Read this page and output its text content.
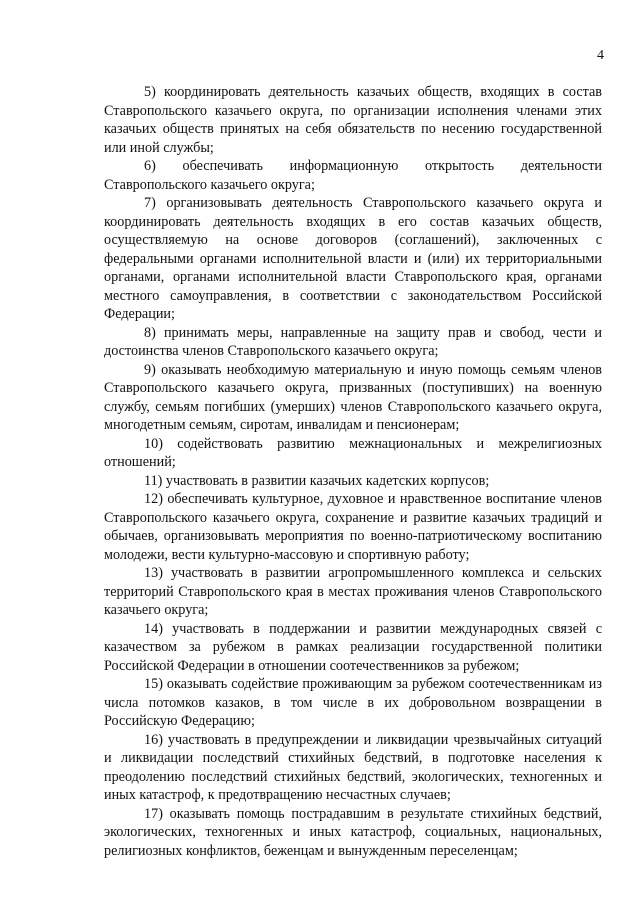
4

5) координировать деятельность казачьих обществ, входящих в состав Ставропольского казачьего округа, по организации исполнения членами этих казачьих обществ принятых на себя обязательств по несению государственной или иной службы;

6) обеспечивать информационную открытость деятельности Ставропольского казачьего округа;

7) организовывать деятельность Ставропольского казачьего округа и координировать деятельность входящих в его состав казачьих обществ, осуществляемую на основе договоров (соглашений), заключенных с федеральными органами исполнительной власти и (или) их территориальными органами, органами исполнительной власти Ставропольского края, органами местного самоуправления, в соответствии с законодательством Российской Федерации;

8) принимать меры, направленные на защиту прав и свобод, чести и достоинства членов Ставропольского казачьего округа;

9) оказывать необходимую материальную и иную помощь семьям членов Ставропольского казачьего округа, призванных (поступивших) на военную службу, семьям погибших (умерших) членов Ставропольского казачьего округа, многодетным семьям, сиротам, инвалидам и пенсионерам;

10) содействовать развитию межнациональных и межрелигиозных отношений;

11) участвовать в развитии казачьих кадетских корпусов;

12) обеспечивать культурное, духовное и нравственное воспитание членов Ставропольского казачьего округа, сохранение и развитие казачьих традиций и обычаев, организовывать мероприятия по военно-патриотическому воспитанию молодежи, вести культурно-массовую и спортивную работу;

13) участвовать в развитии агропромышленного комплекса и сельских территорий Ставропольского края в местах проживания членов Ставропольского казачьего округа;

14) участвовать в поддержании и развитии международных связей с казачеством за рубежом в рамках реализации государственной политики Российской Федерации в отношении соотечественников за рубежом;

15) оказывать содействие проживающим за рубежом соотечественникам из числа потомков казаков, в том числе в их добровольном возвращении в Российскую Федерацию;

16) участвовать в предупреждении и ликвидации чрезвычайных ситуаций и ликвидации последствий стихийных бедствий, в подготовке населения к преодолению последствий стихийных бедствий, экологических, техногенных и иных катастроф, к предотвращению несчастных случаев;

17) оказывать помощь пострадавшим в результате стихийных бедствий, экологических, техногенных и иных катастроф, социальных, национальных, религиозных конфликтов, беженцам и вынужденным переселенцам;
